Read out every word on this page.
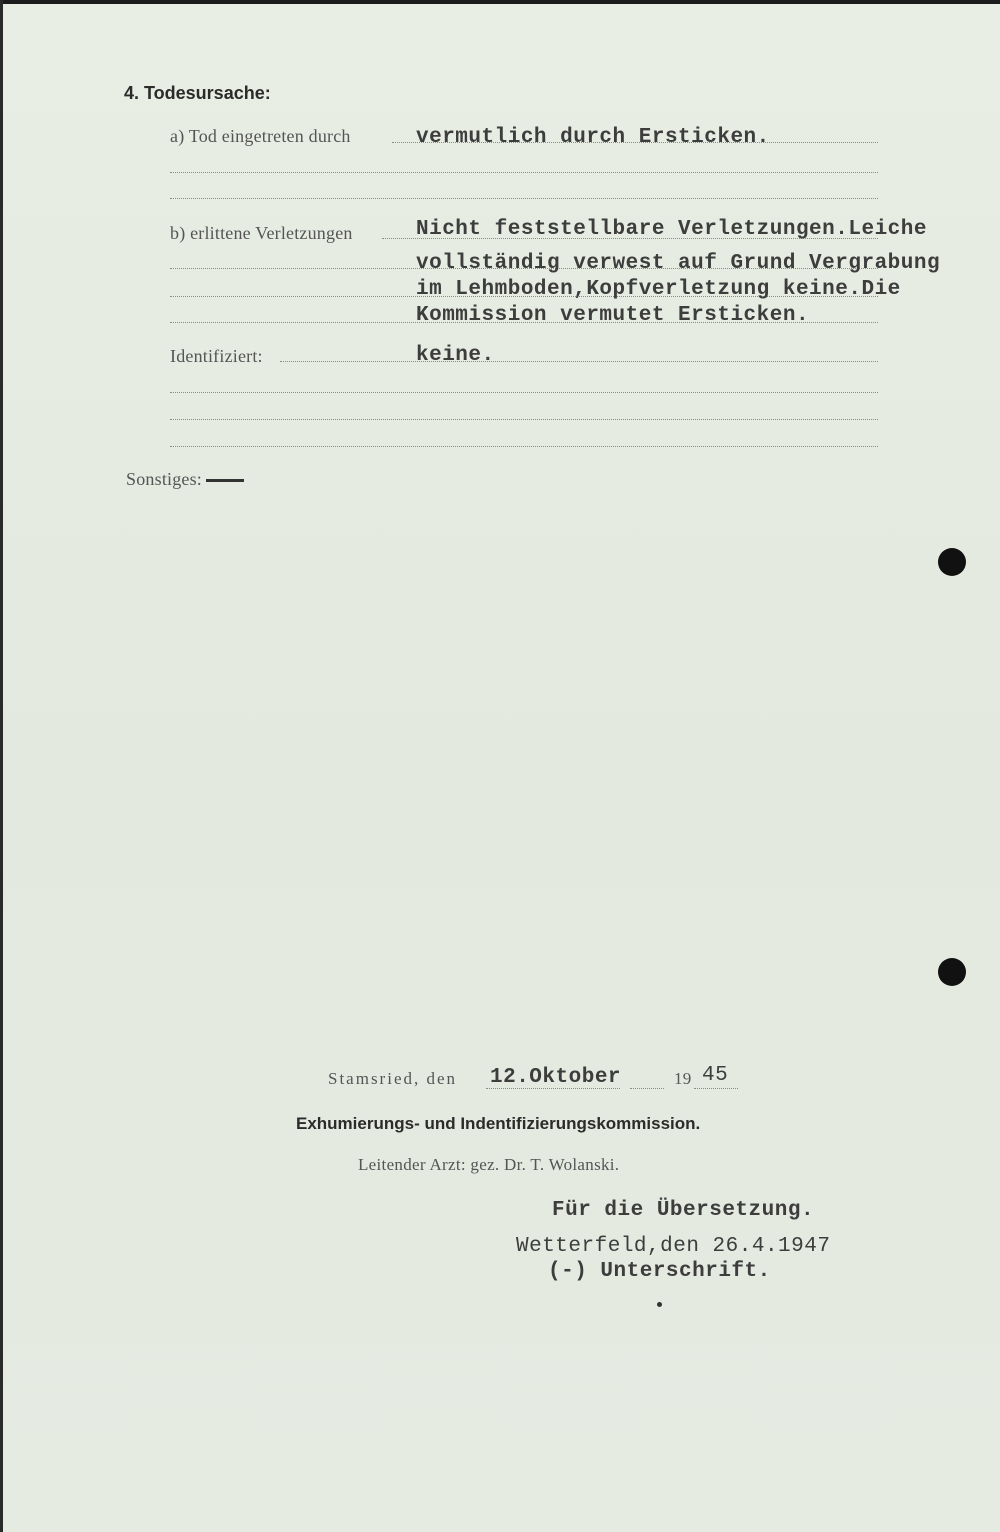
4. Todesursache:
a) Tod eingetreten durch	vermutlich durch Ersticken.
b) erlittene Verletzungen	Nicht feststellbare Verletzungen.Leiche
vollständig verwest auf Grund Vergrabung
im Lehmboden,Kopfverletzung keine.Die
Kommission vermutet Ersticken.
Identifiziert:	keine.
Sonstiges:
Stamsried, den 12.Oktober	19 45
Exhumierungs- und Indentifizierungskommission.
Leitender Arzt: gez. Dr. T. Wolanski.
Für die Übersetzung.
Wetterfeld,den 26.4.1947
(-) Unterschrift.
